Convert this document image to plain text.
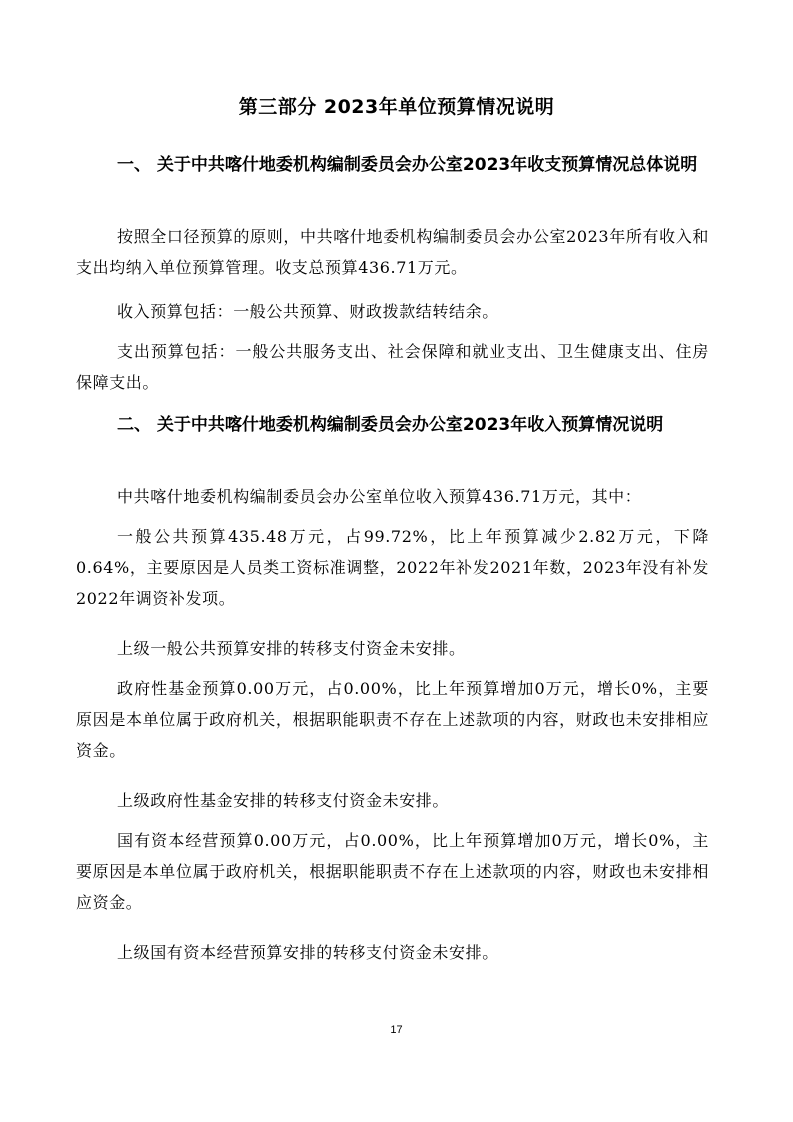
第三部分 2023年单位预算情况说明
一、 关于中共喀什地委机构编制委员会办公室2023年收支预算情况总体说明
按照全口径预算的原则，中共喀什地委机构编制委员会办公室2023年所有收入和支出均纳入单位预算管理。收支总预算436.71万元。
收入预算包括：一般公共预算、财政拨款结转结余。
支出预算包括：一般公共服务支出、社会保障和就业支出、卫生健康支出、住房保障支出。
二、 关于中共喀什地委机构编制委员会办公室2023年收入预算情况说明
中共喀什地委机构编制委员会办公室单位收入预算436.71万元，其中：
一般公共预算435.48万元，占99.72%，比上年预算减少2.82万元，下降0.64%，主要原因是人员类工资标准调整，2022年补发2021年数，2023年没有补发2022年调资补发项。
上级一般公共预算安排的转移支付资金未安排。
政府性基金预算0.00万元，占0.00%，比上年预算增加0万元，增长0%，主要原因是本单位属于政府机关，根据职能职责不存在上述款项的内容，财政也未安排相应资金。
上级政府性基金安排的转移支付资金未安排。
国有资本经营预算0.00万元，占0.00%，比上年预算增加0万元，增长0%，主要原因是本单位属于政府机关，根据职能职责不存在上述款项的内容，财政也未安排相应资金。
上级国有资本经营预算安排的转移支付资金未安排。
17
